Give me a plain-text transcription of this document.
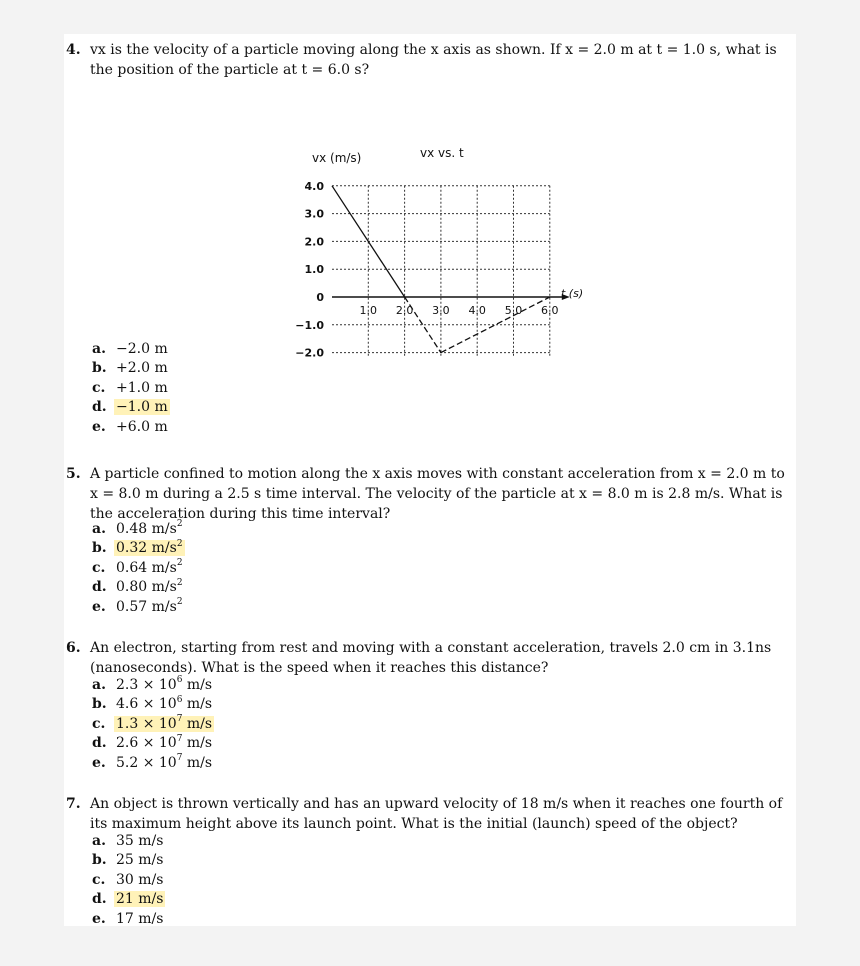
4. vx is the velocity of a particle moving along the x axis as shown. If x = 2.0 m at t = 1.0 s, what is the position of the particle at t = 6.0 s?
4.0
3.0
2.0
1.0
0
−1.0
−2.0
1.0 2.0 3.0 4.0 5.0 6.0
vx (m/s)	vx vs. t
t (s)
a. −2.0 m
b. +2.0 m
c. +1.0 m
d. −1.0 m
e. +6.0 m
5. A particle confined to motion along the x axis moves with constant acceleration from x = 2.0 m to x = 8.0 m during a 2.5 s time interval. The velocity of the particle at x = 8.0 m is 2.8 m/s. What is the acceleration during this time interval?
a. 0.48 $m/s^2$
b. 0.32 $m/s^2$
c. 0.64 $m/s^2$
d. 0.80 $m/s^2$
e. 0.57 $m/s^2$
6. An electron, starting from rest and moving with a constant acceleration, travels 2.0 cm in 3.1ns (nanoseconds). What is the speed when it reaches this distance?
a. $2.3 \times 10^6$ m/s
b. $4.6 \times 10^6$ m/s
c. $1.3 \times 10^7$ m/s
d. $2.6 \times 10^7$ m/s
e. $5.2 \times 10^7$ m/s
7. An object is thrown vertically and has an upward velocity of 18 m/s when it reaches one fourth of its maximum height above its launch point. What is the initial (launch) speed of the object?
a. 35 m/s
b. 25 m/s
c. 30 m/s
d. 21 m/s
e. 17 m/s
